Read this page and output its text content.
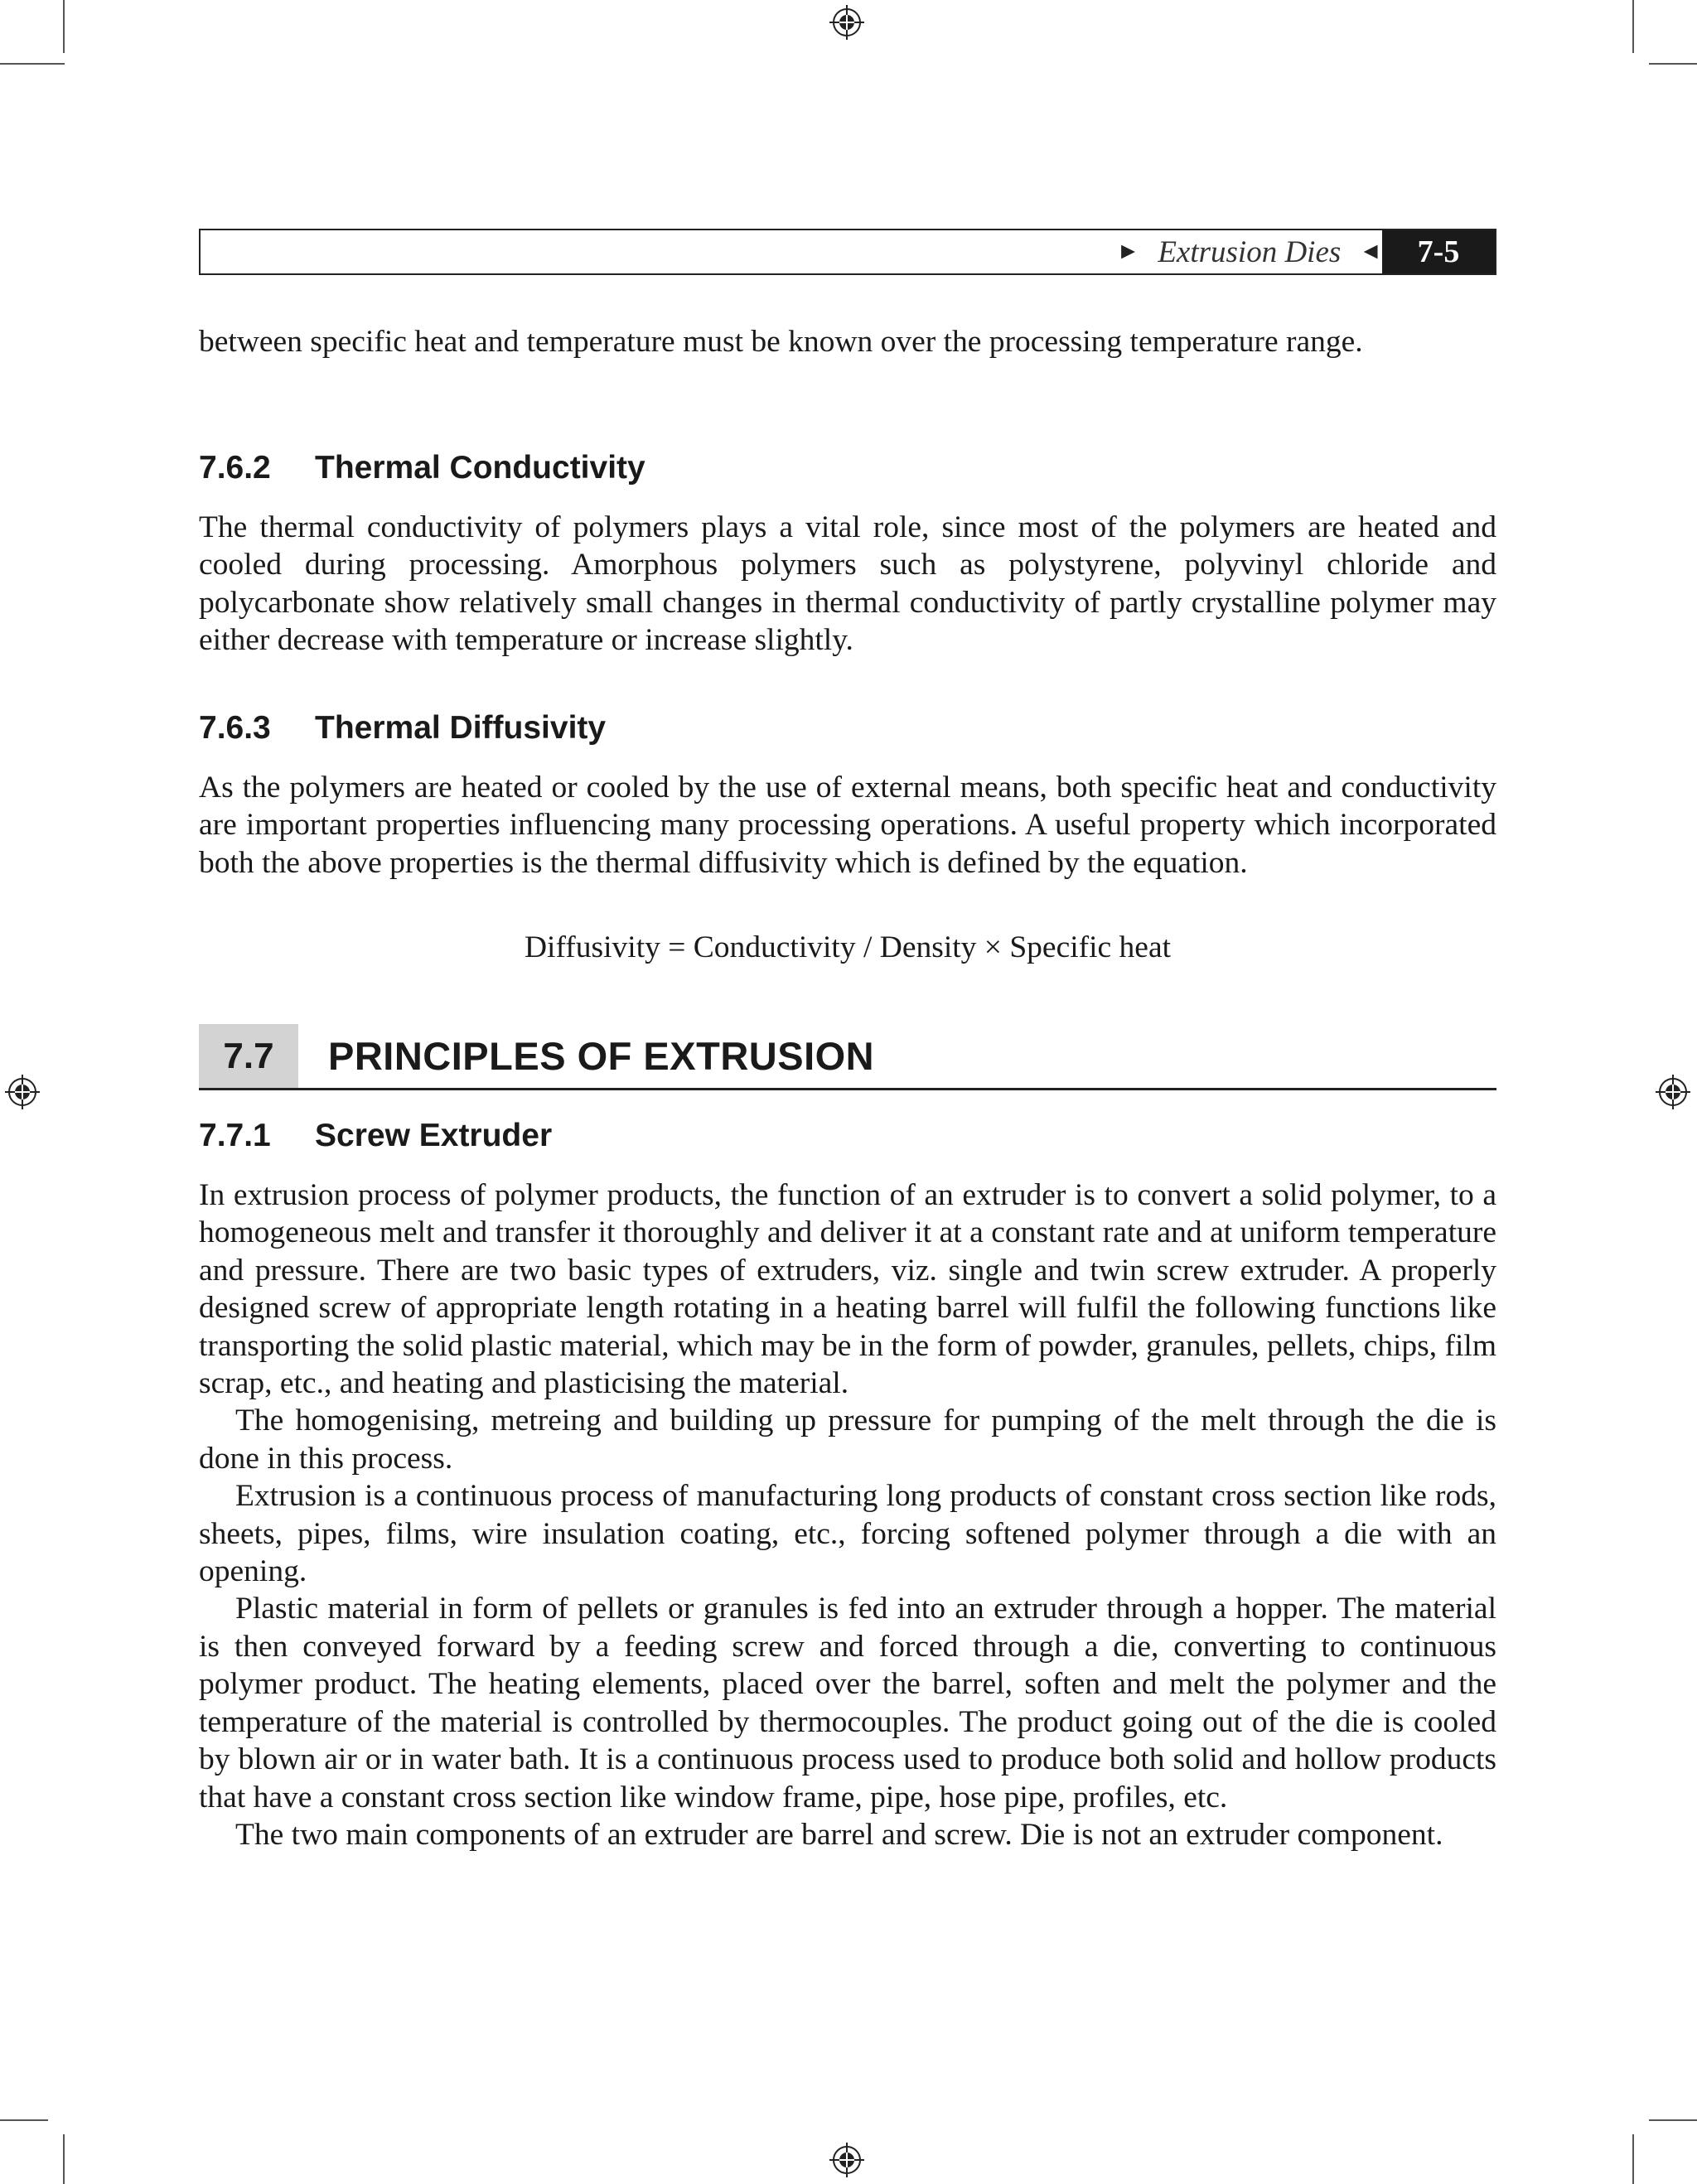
► Extrusion Dies ◄	7-5

between specific heat and temperature must be known over the processing temperature range.

7.6.2 Thermal Conductivity

The thermal conductivity of polymers plays a vital role, since most of the polymers are heated and cooled during processing. Amorphous polymers such as polystyrene, polyvinyl chloride and polycarbonate show relatively small changes in thermal conductivity of partly crystalline polymer may either decrease with temperature or increase slightly.

7.6.3 Thermal Diffusivity

As the polymers are heated or cooled by the use of external means, both specific heat and conductivity are important properties influencing many processing operations. A useful property which incorporated both the above properties is the thermal diffusivity which is defined by the equation.

Diffusivity = Conductivity / Density × Specific heat

7.7	PRINCIPLES OF EXTRUSION
7.7.1 Screw Extruder

In extrusion process of polymer products, the function of an extruder is to convert a solid polymer, to a homogeneous melt and transfer it thoroughly and deliver it at a constant rate and at uniform temperature and pressure. There are two basic types of extruders, viz. single and twin screw extruder. A properly designed screw of appropriate length rotating in a heating barrel will fulfil the following functions like transporting the solid plastic material, which may be in the form of powder, granules, pellets, chips, film scrap, etc., and heating and plasticising the material.

The homogenising, metreing and building up pressure for pumping of the melt through the die is done in this process.

Extrusion is a continuous process of manufacturing long products of constant cross section like rods, sheets, pipes, films, wire insulation coating, etc., forcing softened polymer through a die with an opening.

Plastic material in form of pellets or granules is fed into an extruder through a hopper. The material is then conveyed forward by a feeding screw and forced through a die, converting to continuous polymer product. The heating elements, placed over the barrel, soften and melt the polymer and the temperature of the material is controlled by thermocouples. The product going out of the die is cooled by blown air or in water bath. It is a continuous process used to produce both solid and hollow products that have a constant cross section like window frame, pipe, hose pipe, profiles, etc.

The two main components of an extruder are barrel and screw. Die is not an extruder component.
